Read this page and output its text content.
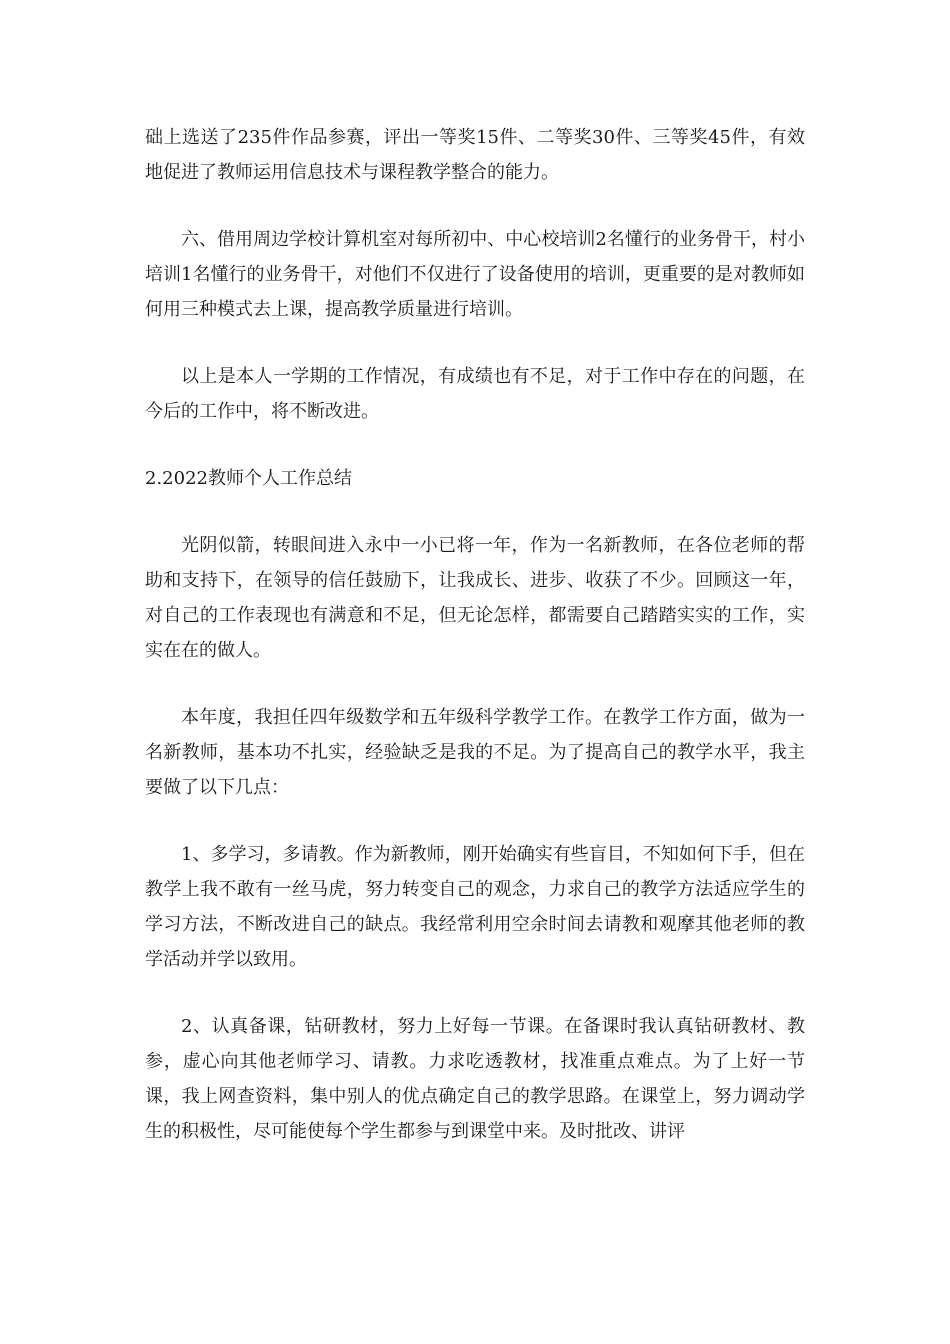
础上选送了235件作品参赛，评出一等奖15件、二等奖30件、三等奖45件，有效地促进了教师运用信息技术与课程教学整合的能力。

六、借用周边学校计算机室对每所初中、中心校培训2名懂行的业务骨干，村小培训1名懂行的业务骨干，对他们不仅进行了设备使用的培训，更重要的是对教师如何用三种模式去上课，提高教学质量进行培训。

以上是本人一学期的工作情况，有成绩也有不足，对于工作中存在的问题，在今后的工作中，将不断改进。

2.2022教师个人工作总结

光阴似箭，转眼间进入永中一小已将一年，作为一名新教师，在各位老师的帮助和支持下，在领导的信任鼓励下，让我成长、进步、收获了不少。回顾这一年，对自己的工作表现也有满意和不足，但无论怎样，都需要自己踏踏实实的工作，实实在在的做人。

本年度，我担任四年级数学和五年级科学教学工作。在教学工作方面，做为一名新教师，基本功不扎实，经验缺乏是我的不足。为了提高自己的教学水平，我主要做了以下几点：

1、多学习，多请教。作为新教师，刚开始确实有些盲目，不知如何下手，但在教学上我不敢有一丝马虎，努力转变自己的观念，力求自己的教学方法适应学生的学习方法，不断改进自己的缺点。我经常利用空余时间去请教和观摩其他老师的教学活动并学以致用。

2、认真备课，钻研教材，努力上好每一节课。在备课时我认真钻研教材、教参，虚心向其他老师学习、请教。力求吃透教材，找准重点难点。为了上好一节课，我上网查资料，集中别人的优点确定自己的教学思路。在课堂上，努力调动学生的积极性，尽可能使每个学生都参与到课堂中来。及时批改、讲评
